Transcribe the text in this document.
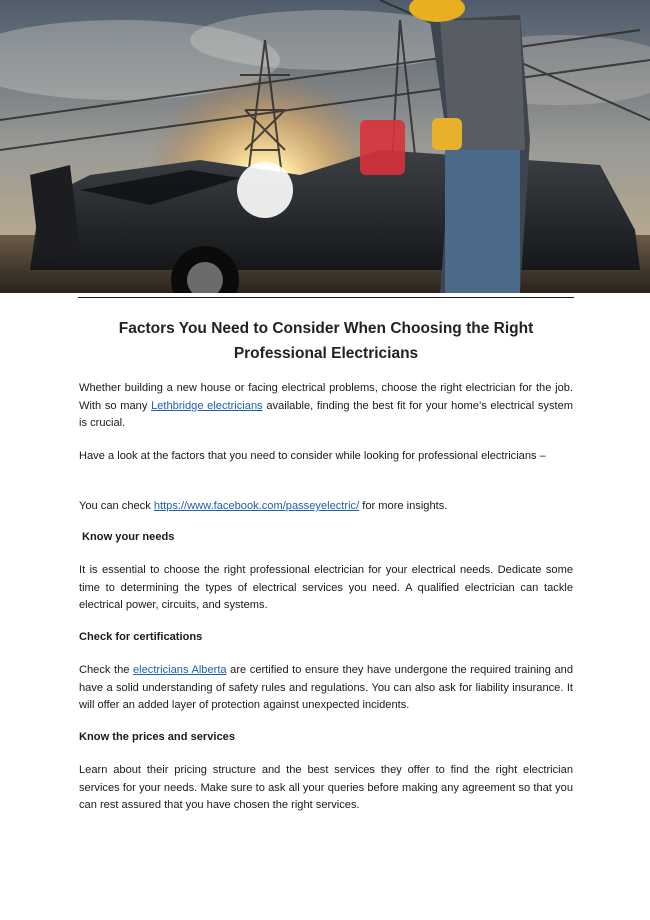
Factors You Need to Consider When Choosing the Right
Professional Electricians

Whether building a new house or facing electrical problems, choose the right electrician for the job. With so many Lethbridge electricians available, finding the best fit for your home’s electrical system is crucial.

Have a look at the factors that you need to consider while looking for professional electricians –

You can check https://www.facebook.com/passeyelectric/ for more insights.

Know your needs

It is essential to choose the right professional electrician for your electrical needs. Dedicate some time to determining the types of electrical services you need. A qualified electrician can tackle electrical power, circuits, and systems.

Check for certifications

Check the electricians Alberta are certified to ensure they have undergone the required training and have a solid understanding of safety rules and regulations. You can also ask for liability insurance. It will offer an added layer of protection against unexpected incidents.

Know the prices and services

Learn about their pricing structure and the best services they offer to find the right electrician services for your needs. Make sure to ask all your queries before making any agreement so that you can rest assured that you have chosen the right services.
